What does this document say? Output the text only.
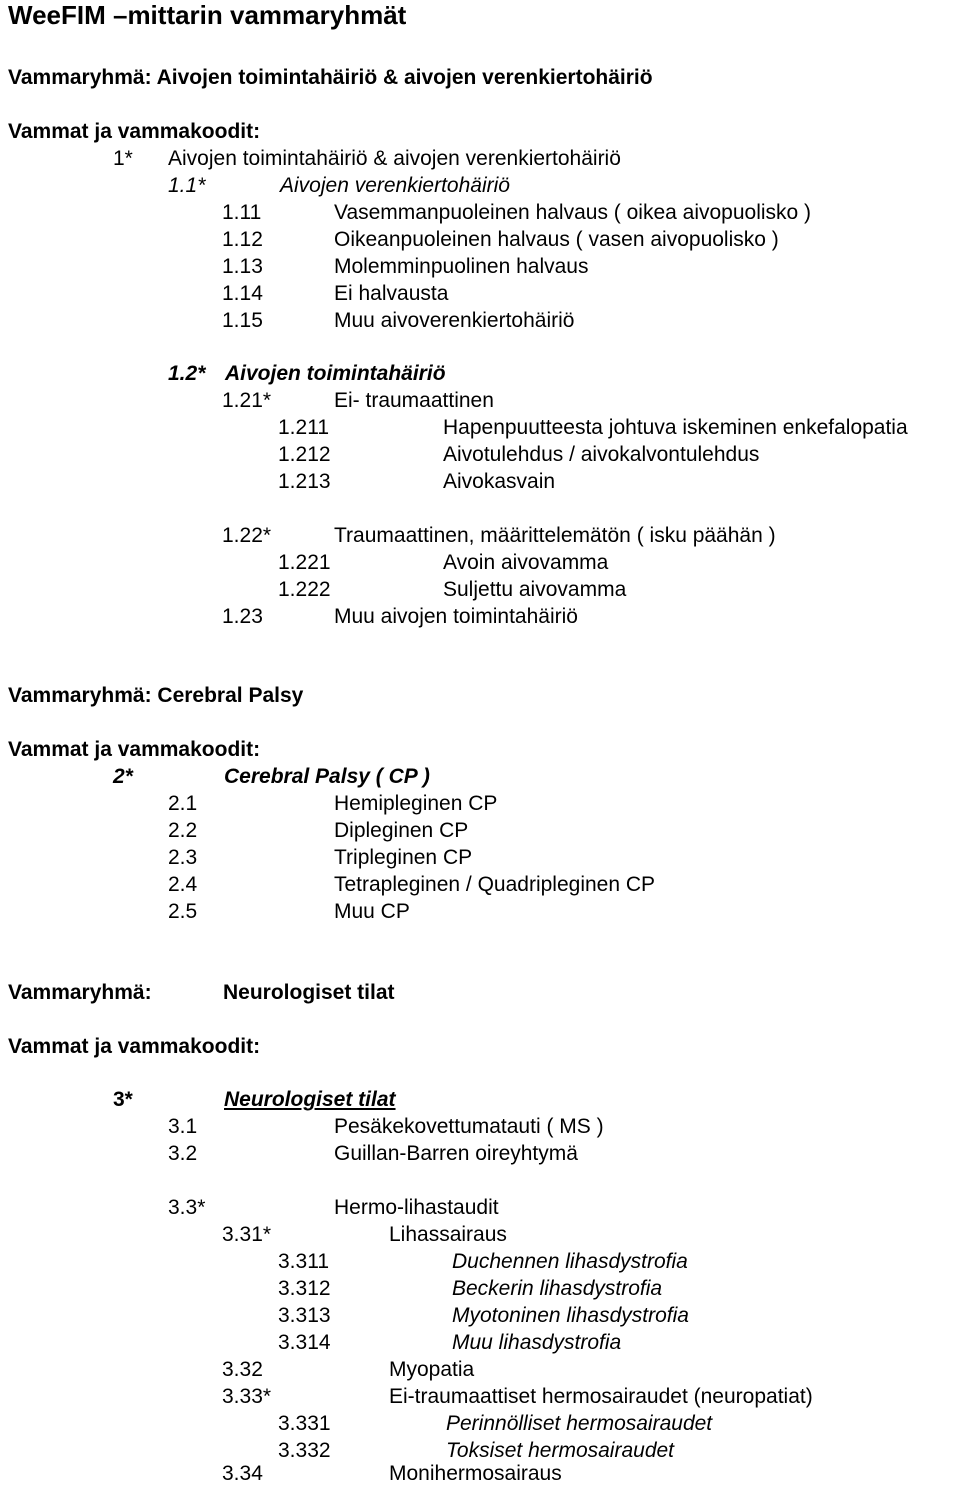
WeeFIM –mittarin vammaryhmät
Vammaryhmä: Aivojen toimintahäiriö & aivojen verenkiertohäiriö
Vammat ja vammakoodit:
1* Aivojen toimintahäiriö & aivojen verenkiertohäiriö
1.1*	Aivojen verenkiertohäiriö
1.11	Vasemmanpuoleinen halvaus ( oikea aivopuolisko )
1.12	Oikeanpuoleinen halvaus ( vasen aivopuolisko )
1.13	Molemminpuolinen halvaus
1.14	Ei halvausta
1.15	Muu aivoverenkiertohäiriö
1.2* Aivojen toimintahäiriö
1.21*	Ei- traumaattinen
1.211	Hapenpuutteesta johtuva iskeminen enkefalopatia
1.212	Aivotulehdus / aivokalvontulehdus
1.213	Aivokasvain
1.22*	Traumaattinen, määrittelemätön ( isku päähän )
1.221	Avoin aivovamma
1.222	Suljettu aivovamma
1.23	Muu aivojen toimintahäiriö
Vammaryhmä: Cerebral Palsy
Vammat ja vammakoodit:
2*	Cerebral Palsy ( CP )
2.1	Hemipleginen CP
2.2	Dipleginen CP
2.3	Tripleginen CP
2.4	Tetrapleginen / Quadripleginen CP
2.5	Muu CP
Vammaryhmä:	Neurologiset tilat
Vammat ja vammakoodit:
3*	Neurologiset tilat
3.1	Pesäkekovettumatauti ( MS )
3.2	Guillan-Barren oireyhtymä
3.3*	Hermo-lihastaudit
3.31*	Lihassairaus
3.311	Duchennen lihasdystrofia
3.312	Beckerin lihasdystrofia
3.313	Myotoninen lihasdystrofia
3.314	Muu lihasdystrofia
3.32	Myopatia
3.33*	Ei-traumaattiset hermosairaudet (neuropatiat)
3.331	Perinnölliset hermosairaudet
3.332	Toksiset hermosairaudet
3.34	Monihermosairaus
